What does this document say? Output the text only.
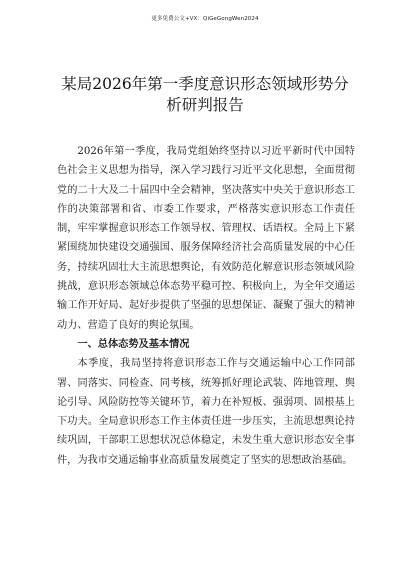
更多免费公文+VX：QiGeGongWen2024
某局2026年第一季度意识形态领域形势分析研判报告

2026年第一季度，我局党组始终坚持以习近平新时代中国特色社会主义思想为指导，深入学习践行习近平文化思想，全面贯彻党的二十大及二十届四中全会精神，坚决落实中央关于意识形态工作的决策部署和省、市委工作要求，严格落实意识形态工作责任制，牢牢掌握意识形态工作领导权、管理权、话语权。全局上下紧紧围绕加快建设交通强国、服务保障经济社会高质量发展的中心任务，持续巩固壮大主流思想舆论，有效防范化解意识形态领域风险挑战，意识形态领域总体态势平稳可控、积极向上，为全年交通运输工作开好局、起好步提供了坚强的思想保证、凝聚了强大的精神动力、营造了良好的舆论氛围。

一、总体态势及基本情况

本季度，我局坚持将意识形态工作与交通运输中心工作同部署、同落实、同检查、同考核，统筹抓好理论武装、阵地管理、舆论引导、风险防控等关键环节，着力在补短板、强弱项、固根基上下功夫。全局意识形态工作主体责任进一步压实，主流思想舆论持续巩固，干部职工思想状况总体稳定，未发生重大意识形态安全事件，为我市交通运输事业高质量发展奠定了坚实的思想政治基础。
